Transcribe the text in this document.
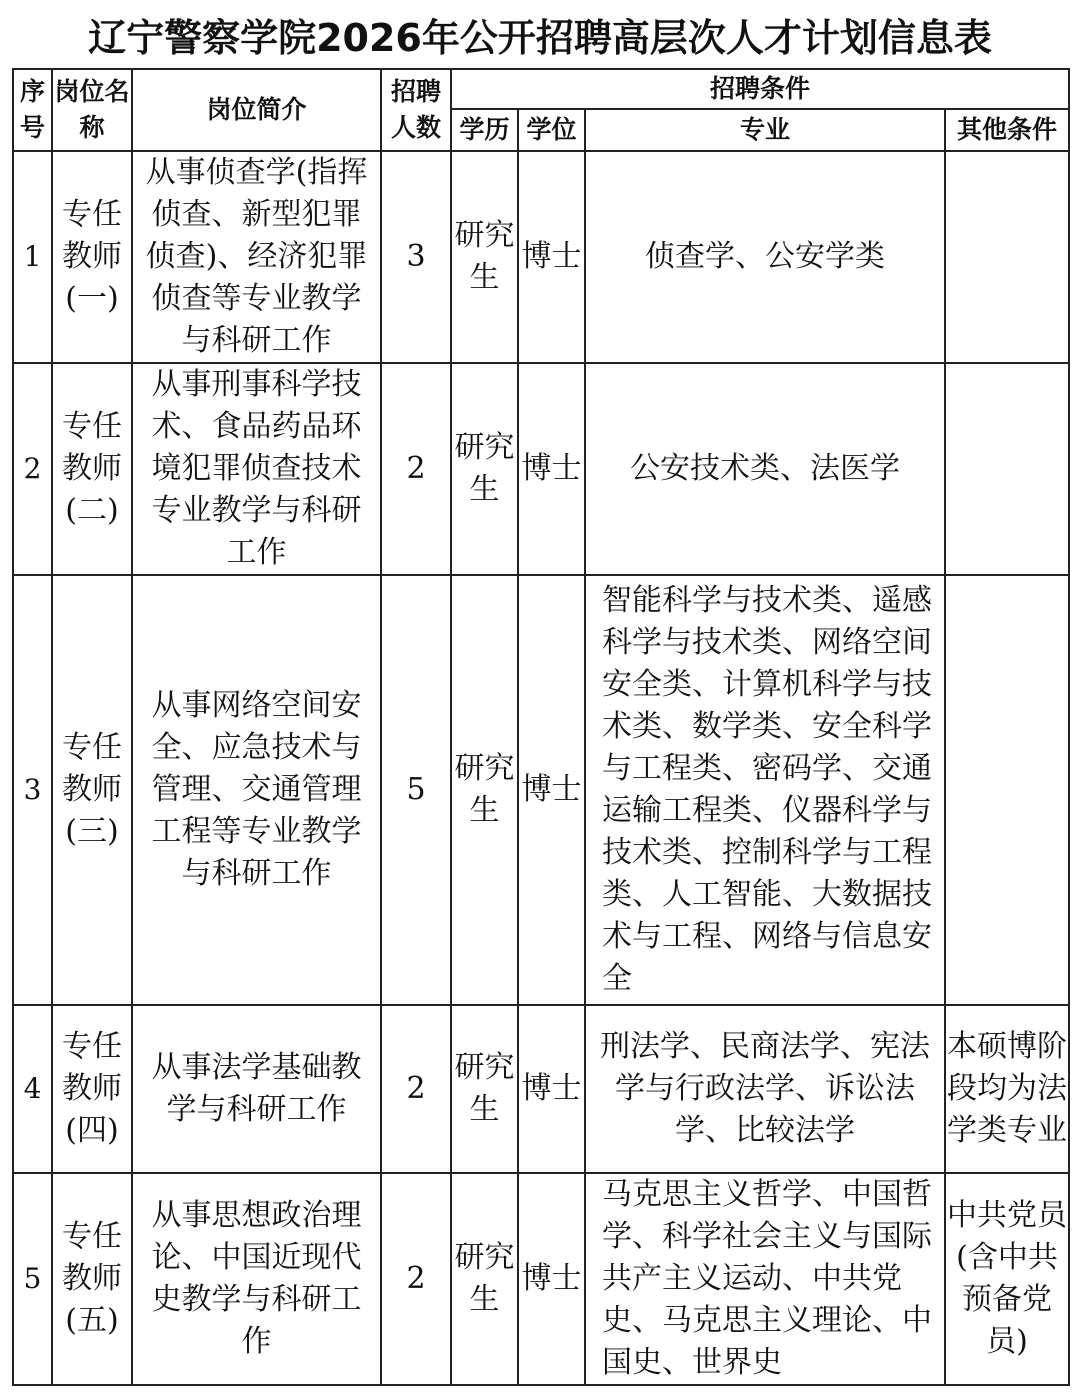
辽宁警察学院2026年公开招聘高层次人才计划信息表
序号	岗位名称	岗位简介	招聘人数	招聘条件			
				学历	学位	专业	其他条件
1	专任教师(一)	从事侦查学(指挥侦查、新型犯罪侦查)、经济犯罪侦查等专业教学与科研工作	3	研究生	博士	侦查学、公安学类	
2	专任教师(二)	从事刑事科学技术、食品药品环境犯罪侦查技术专业教学与科研工作	2	研究生	博士	公安技术类、法医学	
3	专任教师(三)	从事网络空间安全、应急技术与管理、交通管理工程等专业教学与科研工作	5	研究生	博士	智能科学与技术类、遥感科学与技术类、网络空间安全类、计算机科学与技术类、数学类、安全科学与工程类、密码学、交通运输工程类、仪器科学与技术类、控制科学与工程类、人工智能、大数据技术与工程、网络与信息安全	
4	专任教师(四)	从事法学基础教学与科研工作	2	研究生	博士	刑法学、民商法学、宪法学与行政法学、诉讼法学、比较法学	本硕博阶段均为法学类专业
5	专任教师(五)	从事思想政治理论、中国近现代史教学与科研工作	2	研究生	博士	马克思主义哲学、中国哲学、科学社会主义与国际共产主义运动、中共党史、马克思主义理论、中国史、世界史	中共党员(含中共预备党员)
